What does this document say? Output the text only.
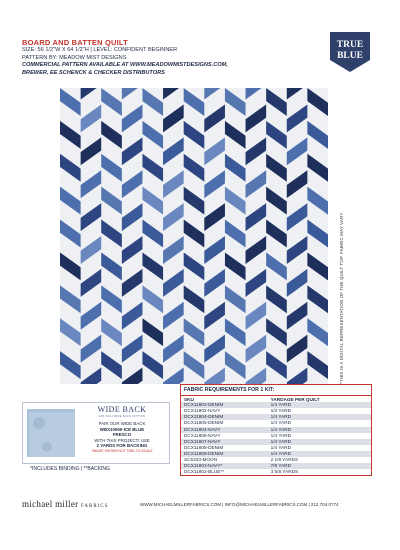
BOARD AND BATTEN QUILT
SIZE: 56 1/2"W X 64 1/2"H | LEVEL: CONFIDENT BEGINNER
PATTERN BY: MEADOW MIST DESIGNS
COMMERCIAL PATTERN AVAILABLE AT WWW.MEADOWMISTDESIGNS.COM,
BREWER, EE SCHENCK & CHECKER DISTRIBUTORS
TRUE
BLUE
*THIS IS A DIGITAL REPRESENTATION OF THE QUILT TOP. FABRIC MAY VARY.
WIDE BACK
108 INCH WIDE BACK COTTON
PAIR OUR WIDE BACK
WBX10060-ICE BLUE
FRESCO
WITH THIS PROJECT! USE
2 YARDS FOR BACKING
*IMAGE SHOWN NOT TIME-TO-SCALE
*INCLUDES BINDING | **BACKING
FABRIC REQUIREMENTS FOR 1 KIT:
SKU	YARDAGE PER QUILT
DCX11802-DENIM	1/4 YARD
DCX11802-NAVY	1/4 YARD
DCX11804-DENIM	1/4 YARD
DCX11805-DENIM	1/4 YARD
DCX11804-NAVY	1/4 YARD
DCX11806-NAVY	1/4 YARD
DCX11807-NAVY	1/4 YARD
DCX11808-DENIM	1/4 YARD
DCX11809-DENIM	1/4 YARD
SC5333-MOON	2 1/8 YARDS
DCX11803-NAVY*	7/8 YARD
DCX11802-BLUE**	3 5/8 YARDS
michael miller FABRICS	WWW.MICHAELMILLERFABRICS.COM | INFO@MICHAELMILLERFABRICS.COM | 212.704.0774
